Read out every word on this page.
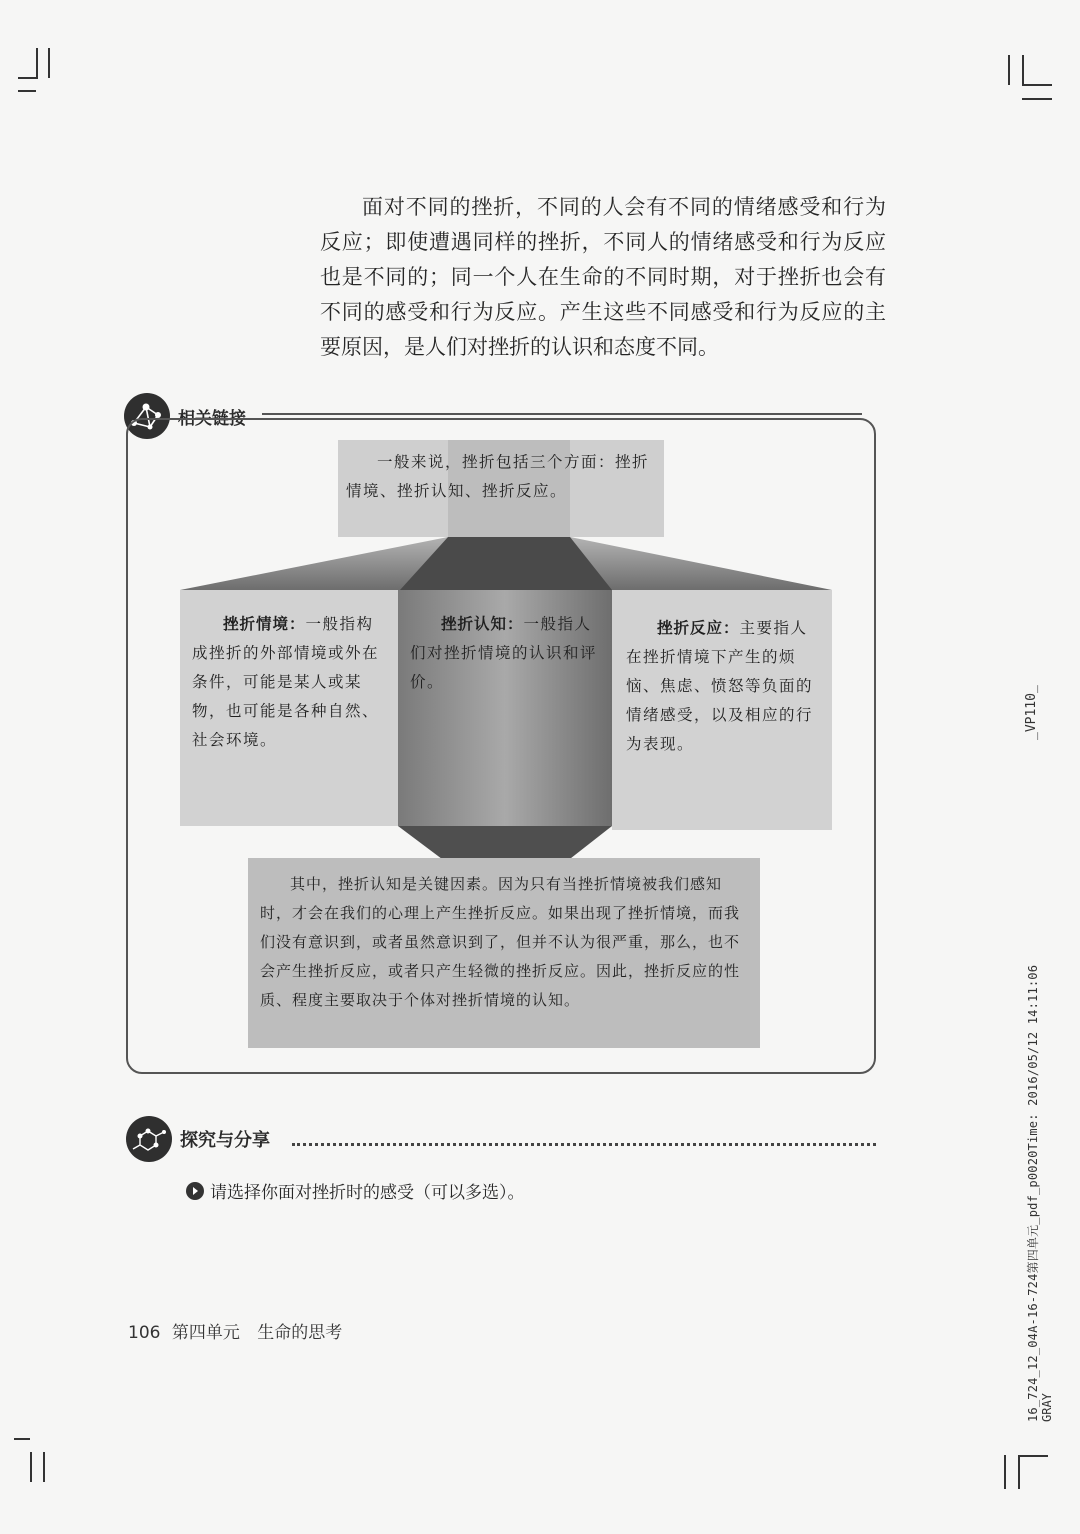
面对不同的挫折，不同的人会有不同的情绪感受和行为反应；即使遭遇同样的挫折，不同人的情绪感受和行为反应也是不同的；同一个人在生命的不同时期，对于挫折也会有不同的感受和行为反应。产生这些不同感受和行为反应的主要原因，是人们对挫折的认识和态度不同。

相关链接
一般来说，挫折包括三个方面：挫折情境、挫折认知、挫折反应。
挫折情境：一般指构成挫折的外部情境或外在条件，可能是某人或某物，也可能是各种自然、社会环境。
挫折认知：一般指人们对挫折情境的认识和评价。
挫折反应：主要指人在挫折情境下产生的烦恼、焦虑、愤怒等负面的情绪感受，以及相应的行为表现。
其中，挫折认知是关键因素。因为只有当挫折情境被我们感知时，才会在我们的心理上产生挫折反应。如果出现了挫折情境，而我们没有意识到，或者虽然意识到了，但并不认为很严重，那么，也不会产生挫折反应，或者只产生轻微的挫折反应。因此，挫折反应的性质、程度主要取决于个体对挫折情境的认知。
探究与分享
请选择你面对挫折时的感受（可以多选）。
106 第四单元 生命的思考
_VP110_
16_724_12_04A-16-724第四单元_pdf_p0020Time: 2016/05/12 14:11:06 GRAY
